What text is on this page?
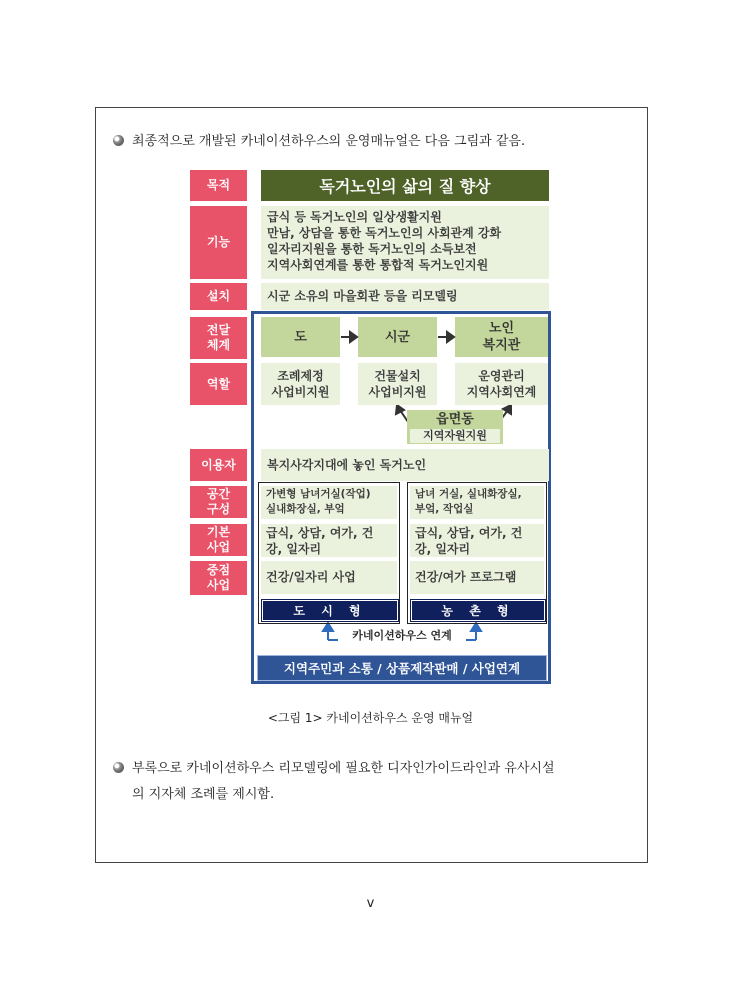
최종적으로 개발된 카네이션하우스의 운영매뉴얼은 다음 그림과 같음.
목적
기능
설치
전달
체계
역할
이용자
공간
구성
기본
사업
중점
사업
독거노인의 삶의 질 향상
급식 등 독거노인의 일상생활지원
만남, 상담을 통한 독거노인의 사회관계 강화
일자리지원을 통한 독거노인의 소득보전
지역사회연계를 통한 통합적 독거노인지원
시군 소유의 마을회관 등을 리모델링
도	시군
노인
복지관
조례제정
사업비지원
건물설치
사업비지원
운영관리
지역사회연계
읍면동
지역자원지원
복지사각지대에 놓인 독거노인
가변형 남녀거실(작업)
실내화장실, 부엌
급식, 상담, 여가, 건
강, 일자리
건강/일자리 사업
도 시 형
남녀 거실, 실내화장실,
부엌, 작업실
급식, 상담, 여가, 건
강, 일자리
건강/여가 프로그램
농 촌 형
카네이션하우스 연계
지역주민과 소통 / 상품제작판매 / 사업연계
<그림 1> 카네이션하우스 운영 매뉴얼
부록으로 카네이션하우스 리모델링에 필요한 디자인가이드라인과 유사시설
의 지자체 조례를 제시함.
v
